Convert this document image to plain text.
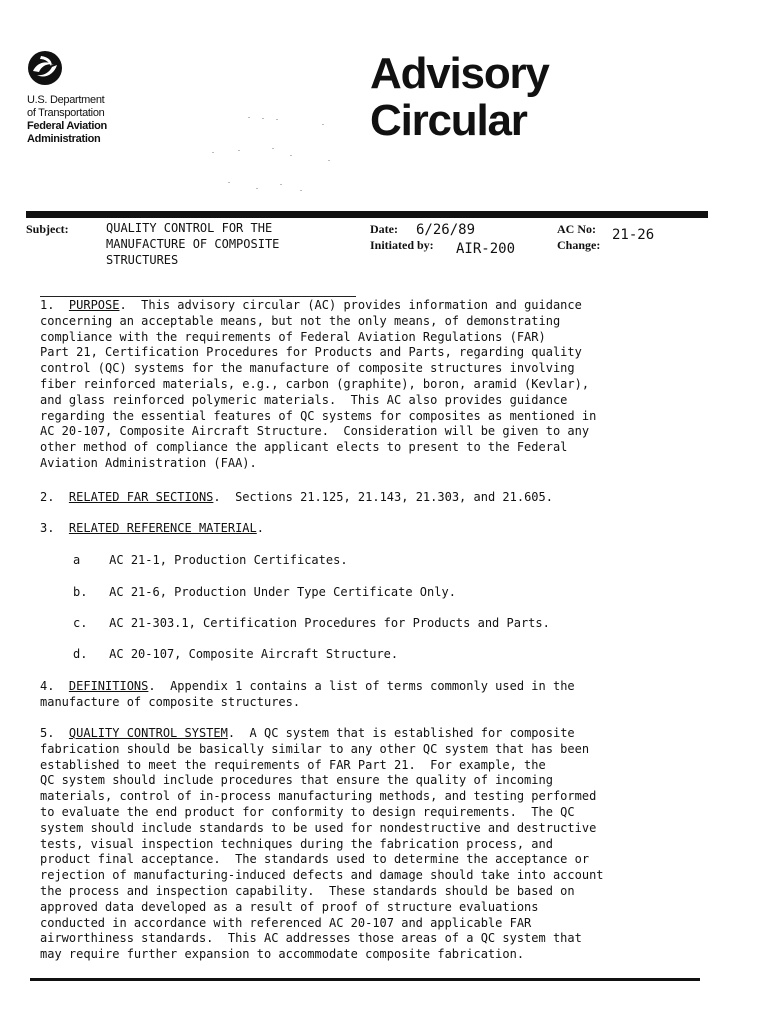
U.S. Department
of Transportation
Federal Aviation
Administration
Advisory
Circular
Subject:	QUALITY CONTROL FOR THE
MANUFACTURE OF COMPOSITE
STRUCTURES
Date: 6/26/89
Initiated by: AIR-200
AC No: 21-26
Change:
1. PURPOSE.  This advisory circular (AC) provides information and guidance
concerning an acceptable means, but not the only means, of demonstrating
compliance with the requirements of Federal Aviation Regulations (FAR)
Part 21, Certification Procedures for Products and Parts, regarding quality
control (QC) systems for the manufacture of composite structures involving
fiber reinforced materials, e.g., carbon (graphite), boron, aramid (Kevlar),
and glass reinforced polymeric materials.  This AC also provides guidance
regarding the essential features of QC systems for composites as mentioned in
AC 20-107, Composite Aircraft Structure.  Consideration will be given to any
other method of compliance the applicant elects to present to the Federal
Aviation Administration (FAA).
2. RELATED FAR SECTIONS.  Sections 21.125, 21.143, 21.303, and 21.605.
3. RELATED REFERENCE MATERIAL.
a AC 21-1, Production Certificates.
b. AC 21-6, Production Under Type Certificate Only.
c. AC 21-303.1, Certification Procedures for Products and Parts.
d. AC 20-107, Composite Aircraft Structure.
4. DEFINITIONS.  Appendix 1 contains a list of terms commonly used in the
manufacture of composite structures.
5. QUALITY CONTROL SYSTEM.  A QC system that is established for composite
fabrication should be basically similar to any other QC system that has been
established to meet the requirements of FAR Part 21.  For example, the
QC system should include procedures that ensure the quality of incoming
materials, control of in-process manufacturing methods, and testing performed
to evaluate the end product for conformity to design requirements.  The QC
system should include standards to be used for nondestructive and destructive
tests, visual inspection techniques during the fabrication process, and
product final acceptance.  The standards used to determine the acceptance or
rejection of manufacturing-induced defects and damage should take into account
the process and inspection capability.  These standards should be based on
approved data developed as a result of proof of structure evaluations
conducted in accordance with referenced AC 20-107 and applicable FAR
airworthiness standards.  This AC addresses those areas of a QC system that
may require further expansion to accommodate composite fabrication.
